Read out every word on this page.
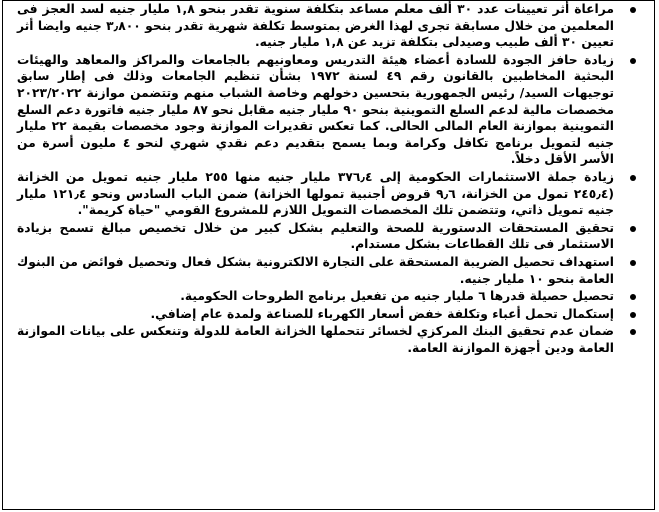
مراعاة أثر تعيينات عدد ٣٠ ألف معلم مساعد بتكلفة سنوية تقدر بنحو ١,٨ مليار جنيه لسد العجز فى المعلمين من خلال مسابقة تجرى لهذا الغرض بمتوسط تكلفة شهرية تقدر بنحو ٣٫٨٠٠ جنيه وايضا أثر تعيين ٣٠ ألف طبيب وصيدلى بتكلفة تزيد عن ١,٨ مليار جنيه.
زيادة حافز الجودة للسادة أعضاء هيئة التدريس ومعاونيهم بالجامعات والمراكز والمعاهد والهيئات البحثية المخاطبين بالقانون رقم ٤٩ لسنة ١٩٧٢ بشأن تنظيم الجامعات وذلك فى إطار سابق توجيهات السيد/ رئيس الجمهورية بتحسين دخولهم وخاصة الشباب منهم وتتضمن موازنة ٢٠٢٣/٢٠٢٢ مخصصات مالية لدعم السلع التموينية بنحو ٩٠ مليار جنيه مقابل نحو ٨٧ مليار جنيه فاتورة دعم السلع التموينية بموازنة العام المالى الحالى. كما تعكس تقديرات الموازنة وجود مخصصات بقيمة ٢٢ مليار جنيه لتمويل برنامج تكافل وكرامة وبما يسمح بتقديم دعم نقدي شهري لنحو ٤ مليون أسرة من الأسر الأقل دخلاً.
زيادة جملة الاستثمارات الحكومية إلى ٣٧٦٫٤ مليار جنيه منها ٢٥٥ مليار جنيه تمويل من الخزانة (٢٤٥٫٤ تمول من الخزانة، ٩٫٦ قروض أجنبية تمولها الخزانة) ضمن الباب السادس ونحو ١٢١٫٤ مليار جنيه تمويل ذاتي، وتتضمن تلك المخصصات التمويل اللازم للمشروع القومي "حياة كريمة".
تحقيق المستحقات الدستورية للصحة والتعليم بشكل كبير من خلال تخصيص مبالغ تسمح بزيادة الاستثمار فى تلك القطاعات بشكل مستدام.
استهداف تحصيل الضريبة المستحقة على التجارة الالكترونية بشكل فعال وتحصيل فوائض من البنوك العامة بنحو ١٠ مليار جنيه.
تحصيل حصيلة قدرها ٦ مليار جنيه من تفعيل برنامج الطروحات الحكومية.
إستكمال تحمل أعباء وتكلفة خفض أسعار الكهرباء للصناعة ولمدة عام إضافي.
ضمان عدم تحقيق البنك المركزي لخسائر تتحملها الخزانة العامة للدولة وتنعكس على بيانات الموازنة العامة ودين أجهزة الموازنة العامة.
